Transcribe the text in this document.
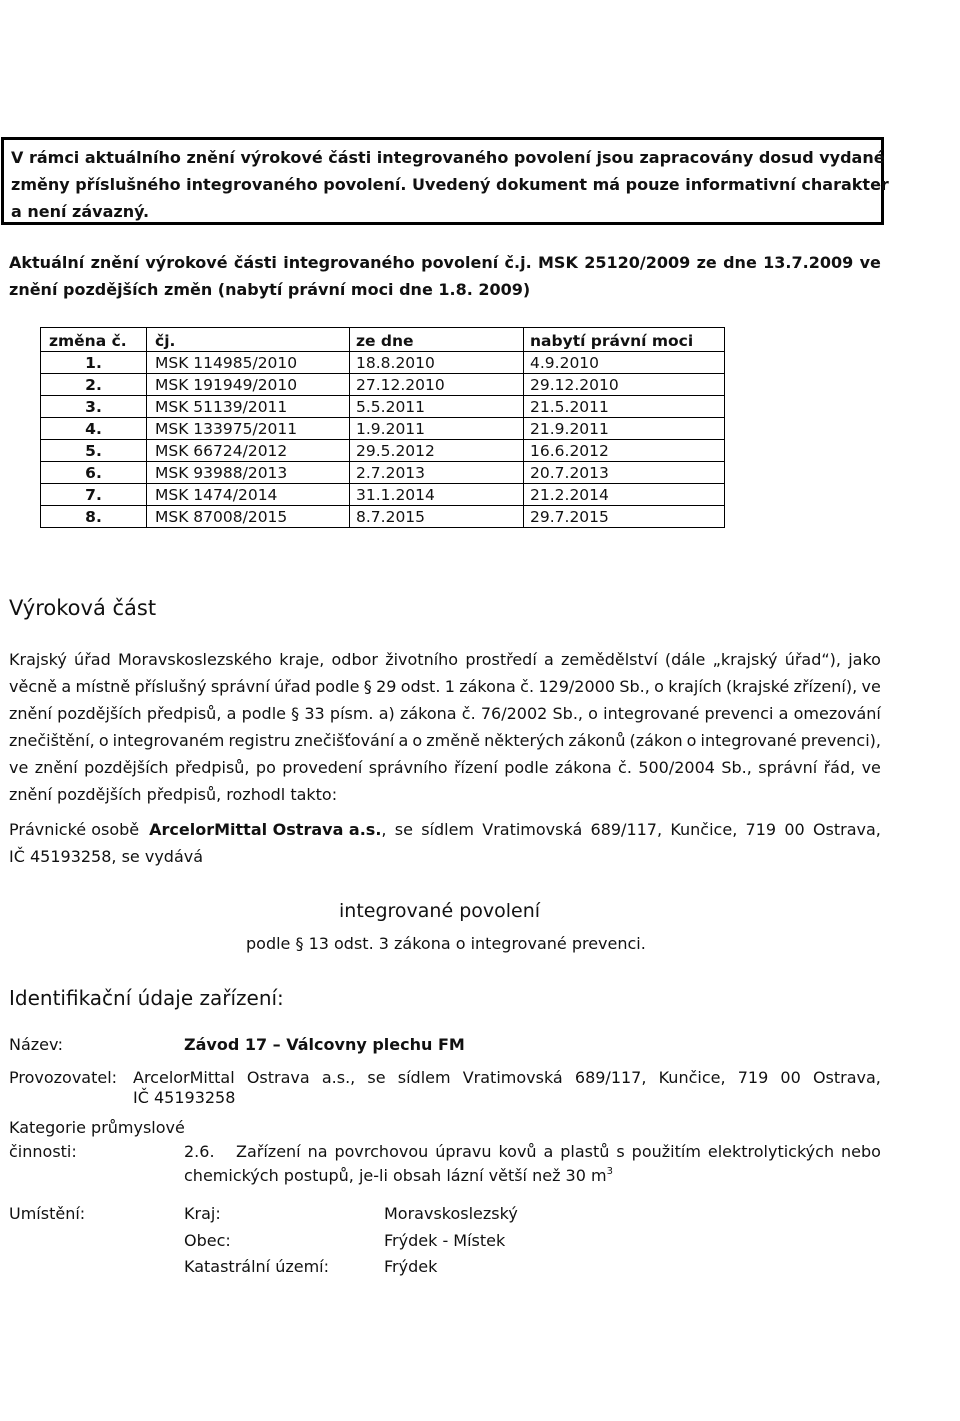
ArcelorMittal Frýdek Místek a.s. – AMFM Studená válcovna
Integrované povolení č.j. MSK 25120/2009 ze dne 13.7.2009
V rámci aktuálního znění výrokové části integrovaného povolení jsou zapracovány dosud vydané
změny příslušného integrovaného povolení. Uvedený dokument má pouze informativní charakter
a není závazný.
Aktuální znění výrokové části integrovaného povolení č.j. MSK 25120/2009 ze dne 13.7.2009 ve
znění pozdějších změn (nabytí právní moci dne 1.8. 2009)
změna č.	čj.	ze dne	nabytí právní moci
1.	MSK 114985/2010	18.8.2010	4.9.2010
2.	MSK 191949/2010	27.12.2010	29.12.2010
3.	MSK 51139/2011	5.5.2011	21.5.2011
4.	MSK 133975/2011	1.9.2011	21.9.2011
5.	MSK 66724/2012	29.5.2012	16.6.2012
6.	MSK 93988/2013	2.7.2013	20.7.2013
7.	MSK 1474/2014	31.1.2014	21.2.2014
8.	MSK 87008/2015	8.7.2015	29.7.2015
Výroková část
Krajský úřad Moravskoslezského kraje, odbor životního prostředí a zemědělství (dále „krajský úřad“), jako
věcně a místně příslušný správní úřad podle § 29 odst. 1 zákona č. 129/2000 Sb., o krajích (krajské zřízení), ve
znění pozdějších předpisů, a podle § 33 písm. a) zákona č. 76/2002 Sb., o integrované prevenci a omezování
znečištění, o integrovaném registru znečišťování a o změně některých zákonů (zákon o integrované prevenci),
ve znění pozdějších předpisů, po provedení správního řízení podle zákona č. 500/2004 Sb., správní řád, ve
znění pozdějších předpisů, rozhodl takto:
Právnické osobě ArcelorMittal Ostrava a.s., se sídlem Vratimovská 689/117, Kunčice, 719 00 Ostrava,
IČ 45193258, se vydává
integrované povolení
podle § 13 odst. 3 zákona o integrované prevenci.
Identifikační údaje zařízení:
Název:	Závod 17 – Válcovny plechu FM
Provozovatel: ArcelorMittal Ostrava a.s., se sídlem Vratimovská 689/117, Kunčice, 719 00 Ostrava,
IČ 45193258
Kategorie průmyslové
činnosti:	2.6. Zařízení na povrchovou úpravu kovů a plastů s použitím elektrolytických nebo
chemických postupů, je-li obsah lázní větší než 30 $m^3$
Umístění:	Kraj:	Moravskoslezský
Obec:	Frýdek - Místek
Katastrální území:	Frýdek
